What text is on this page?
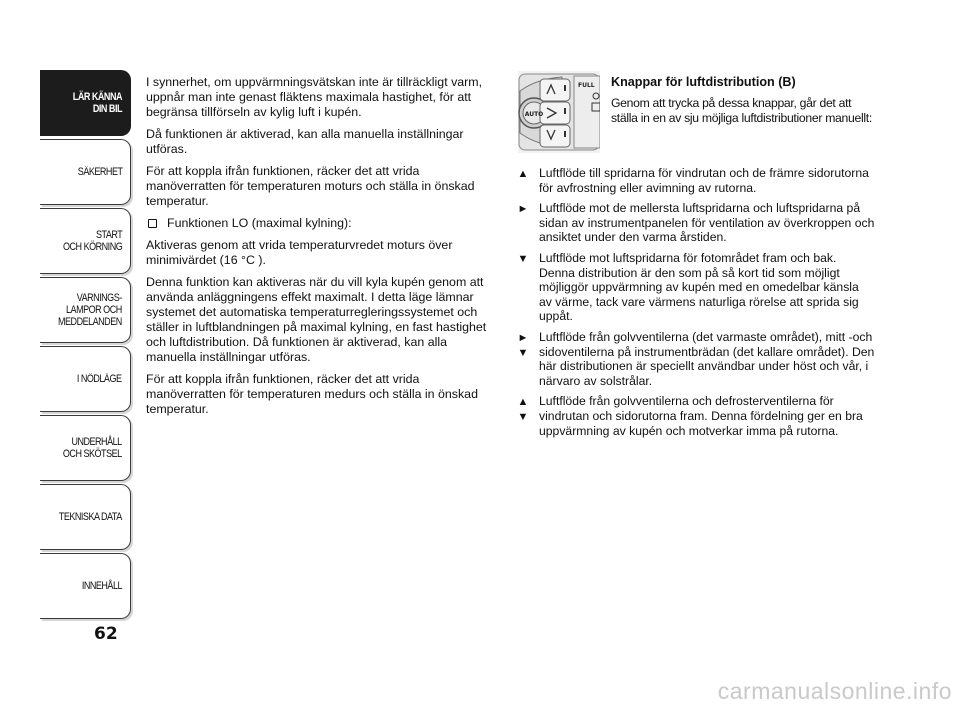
LÄR KÄNNA
DIN BIL
SÄKERHET
START
OCH KÖRNING
VARNINGS-
LAMPOR OCH
MEDDELANDEN
I NÖDLÄGE
UNDERHÅLL
OCH SKÖTSEL
TEKNISKA DATA
INNEHÅLL
62

I synnerhet, om uppvärmningsvätskan inte är tillräckligt varm, uppnår man inte genast fläktens maximala hastighet, för att begränsa tillförseln av kylig luft i kupén.

Då funktionen är aktiverad, kan alla manuella inställningar utföras.

För att koppla ifrån funktionen, räcker det att vrida manöverratten för temperaturen moturs och ställa in önskad temperatur.

Funktionen LO (maximal kylning):

Aktiveras genom att vrida temperaturvredet moturs över minimivärdet (16 °C ).

Denna funktion kan aktiveras när du vill kyla kupén genom att använda anläggningens effekt maximalt. I detta läge lämnar systemet det automatiska temperaturregleringssystemet och ställer in luftblandningen på maximal kylning, en fast hastighet och luftdistribution. Då funktionen är aktiverad, kan alla manuella inställningar utföras.

För att koppla ifrån funktionen, räcker det att vrida manöverratten för temperaturen medurs och ställa in önskad temperatur.

FULL
AUTO
Knappar för luftdistribution (B)
Genom att trycka på dessa knappar, går det att ställa in en av sju möjliga luftdistributioner manuellt:
▲ Luftflöde till spridarna för vindrutan och de främre sidorutorna för avfrostning eller avimning av rutorna.
► Luftflöde mot de mellersta luftspridarna och luftspridarna på sidan av instrumentpanelen för ventilation av överkroppen och ansiktet under den varma årstiden.
▼ Luftflöde mot luftspridarna för fotområdet fram och bak. Denna distribution är den som på så kort tid som möjligt möjliggör uppvärmning av kupén med en omedelbar känsla av värme, tack vare värmens naturliga rörelse att sprida sig uppåt.
►
▼
Luftflöde från golvventilerna (det varmaste området), mitt -och sidoventilerna på instrumentbrädan (det kallare området). Den här distributionen är speciellt användbar under höst och vår, i närvaro av solstrålar.
▲
▼
Luftflöde från golvventilerna och defrosterventilerna för vindrutan och sidorutorna fram. Denna fördelning ger en bra uppvärmning av kupén och motverkar imma på rutorna.
carmanualsonline.info
